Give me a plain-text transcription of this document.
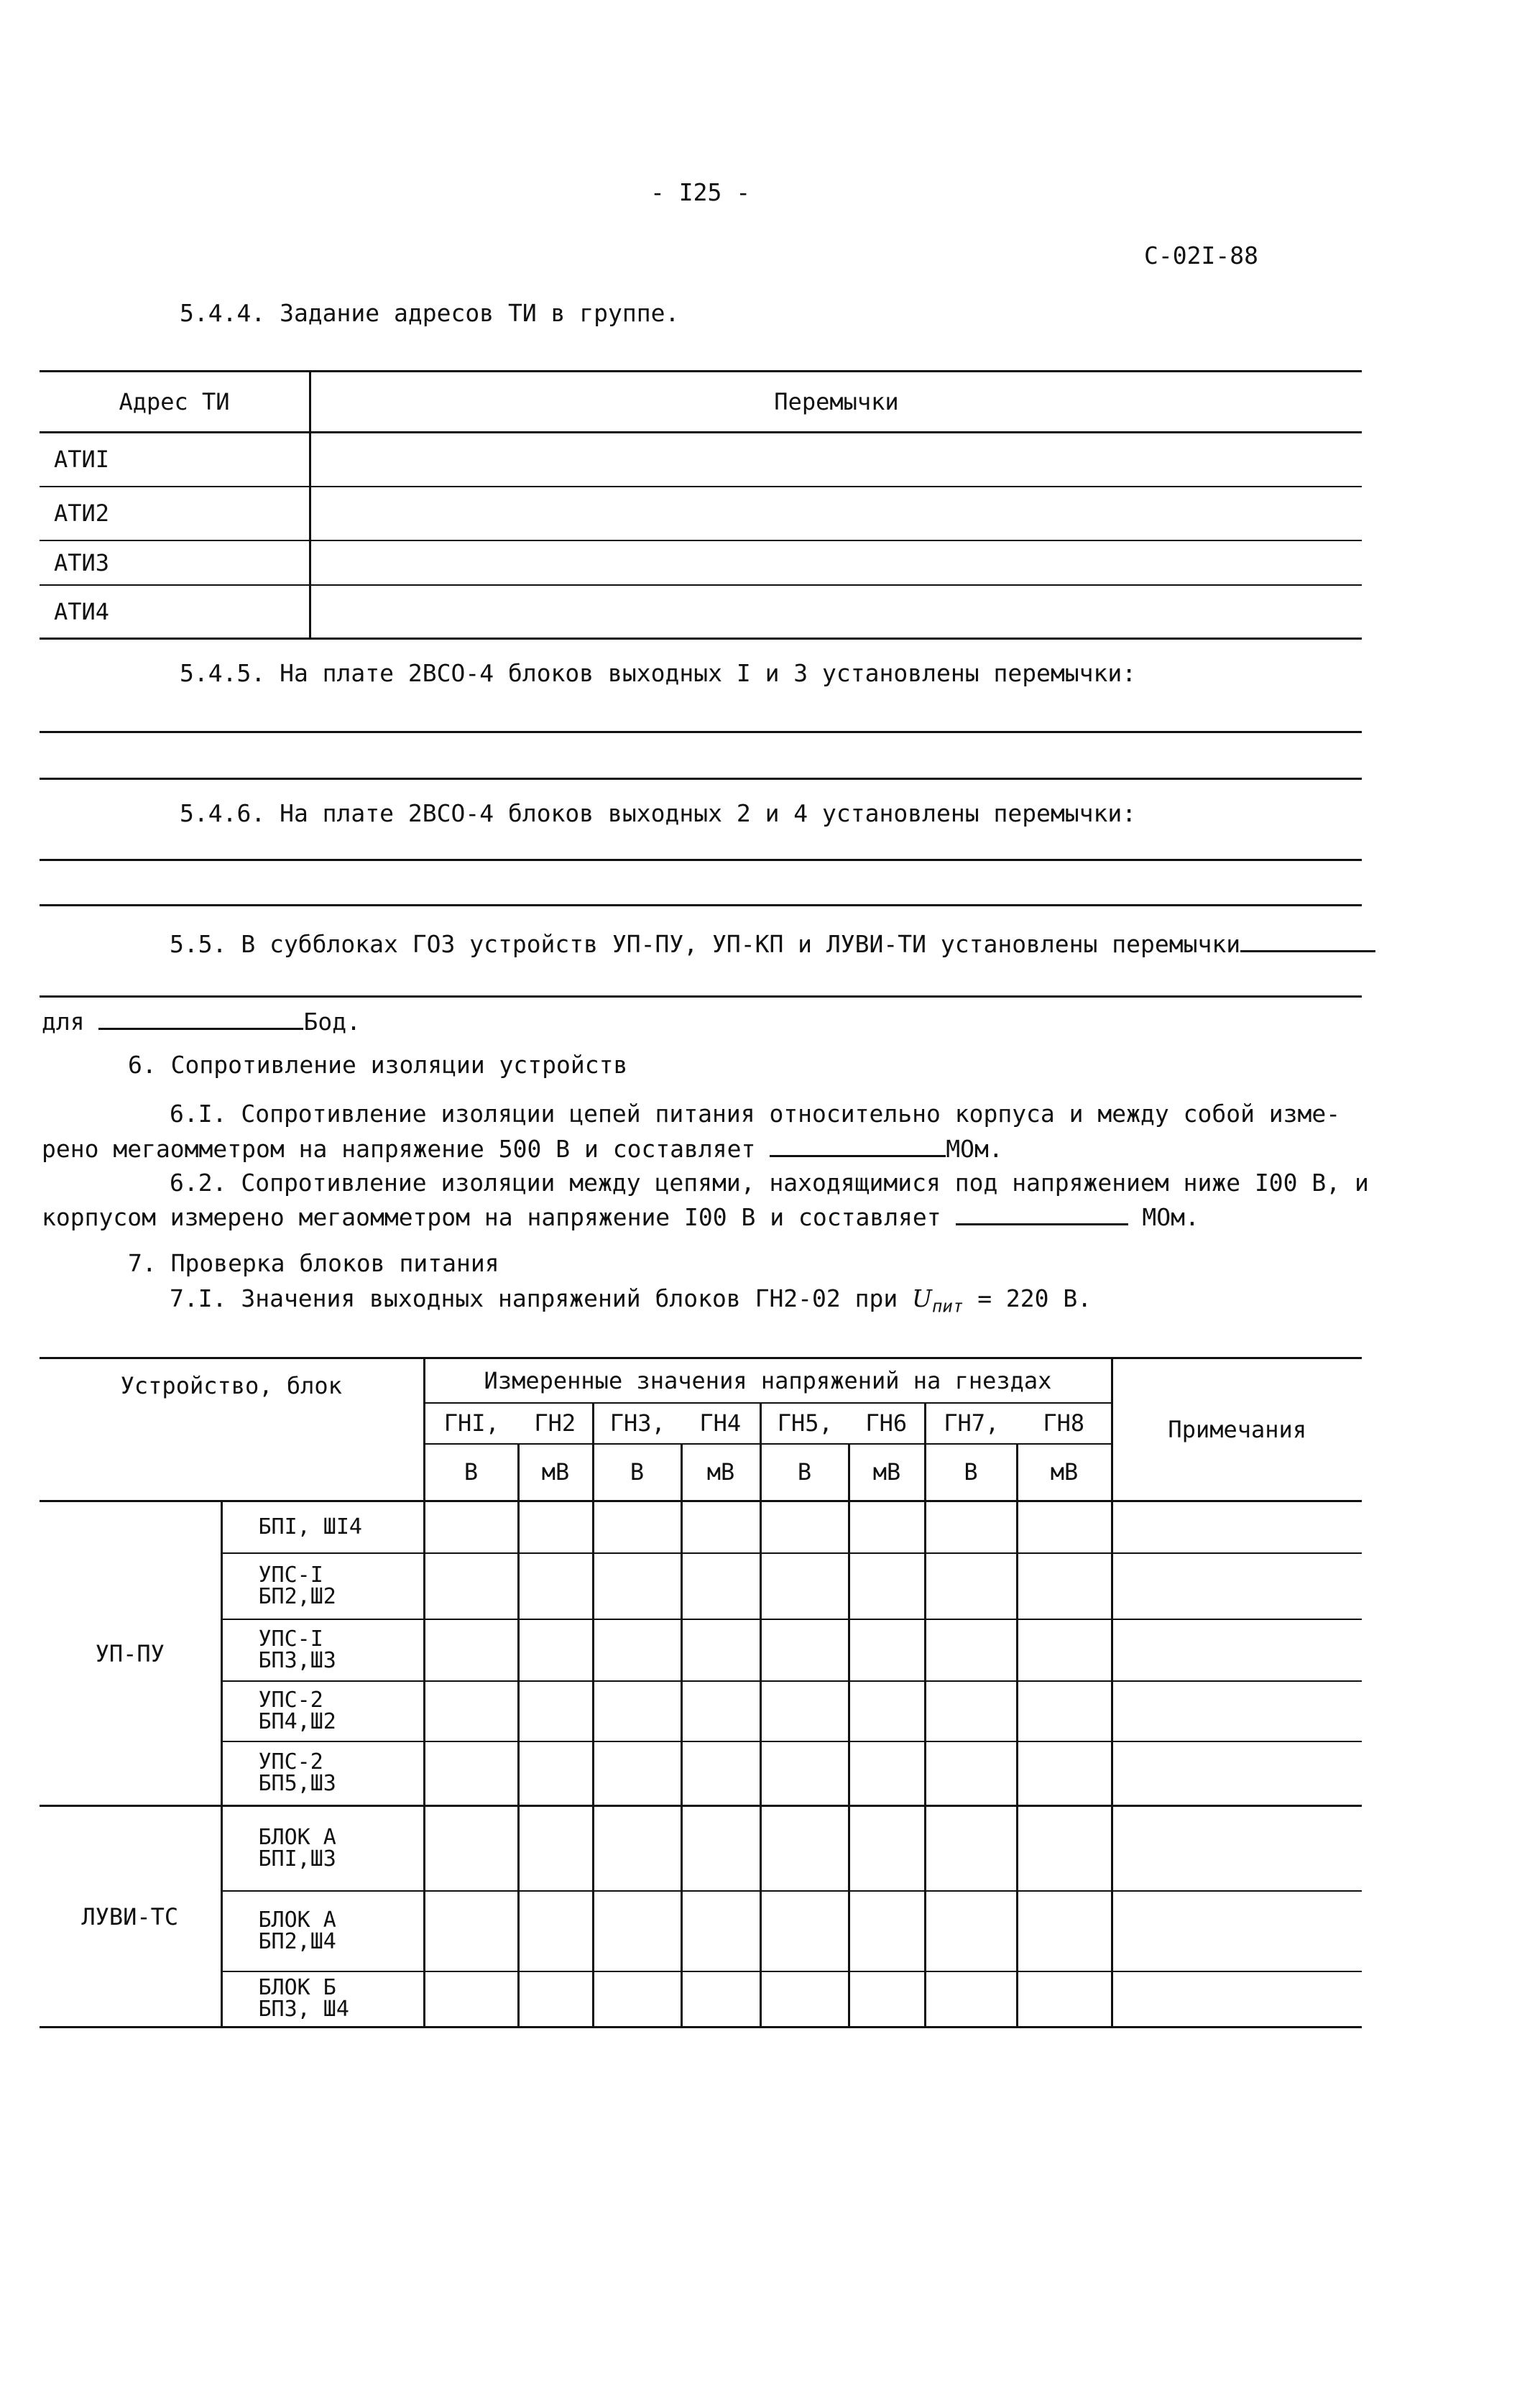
- I25 -
С-02I-88
5.4.4. Задание адресов ТИ в группе.
Адрес ТИ	Перемычки
АТИI	
АТИ2	
АТИ3	
АТИ4	
5.4.5. На плате 2ВСО-4 блоков выходных I и 3 установлены перемычки:
5.4.6. На плате 2ВСО-4 блоков выходных 2 и 4 установлены перемычки:
5.5. В субблоках ГОЗ устройств УП-ПУ, УП-КП и ЛУВИ-ТИ установлены перемычки
для	Бод.
6. Сопротивление изоляции устройств
6.I. Сопротивление изоляции цепей питания относительно корпуса и между собой изме-
рено мегаомметром на напряжение 500 В и составляет	МОм.
6.2. Сопротивление изоляции между цепями, находящимися под напряжением ниже I00 В, и
корпусом измерено мегаомметром на напряжение I00 В и составляет	МОм.
7. Проверка блоков питания
7.I. Значения выходных напряжений блоков ГН2-02 при $U_{пит} = 220$ В.
Устройство, блок		Измеренные значения напряжений на гнездах								Примечания
		ГНI,	ГН2	ГН3,	ГН4	ГН5,	ГН6	ГН7,	ГН8	
		В	мВ	В	мВ	В	мВ	В	мВ	
УП-ПУ	БПI, ШI4									

	УПС-I
БП2,Ш2									

	УПС-I
БП3,Ш3									

	УПС-2
БП4,Ш2									

	УПС-2
БП5,Ш3									

ЛУВИ-ТС	БЛОК А
БПI,Ш3									

	БЛОК А
БП2,Ш4									

	БЛОК Б
БП3, Ш4									
